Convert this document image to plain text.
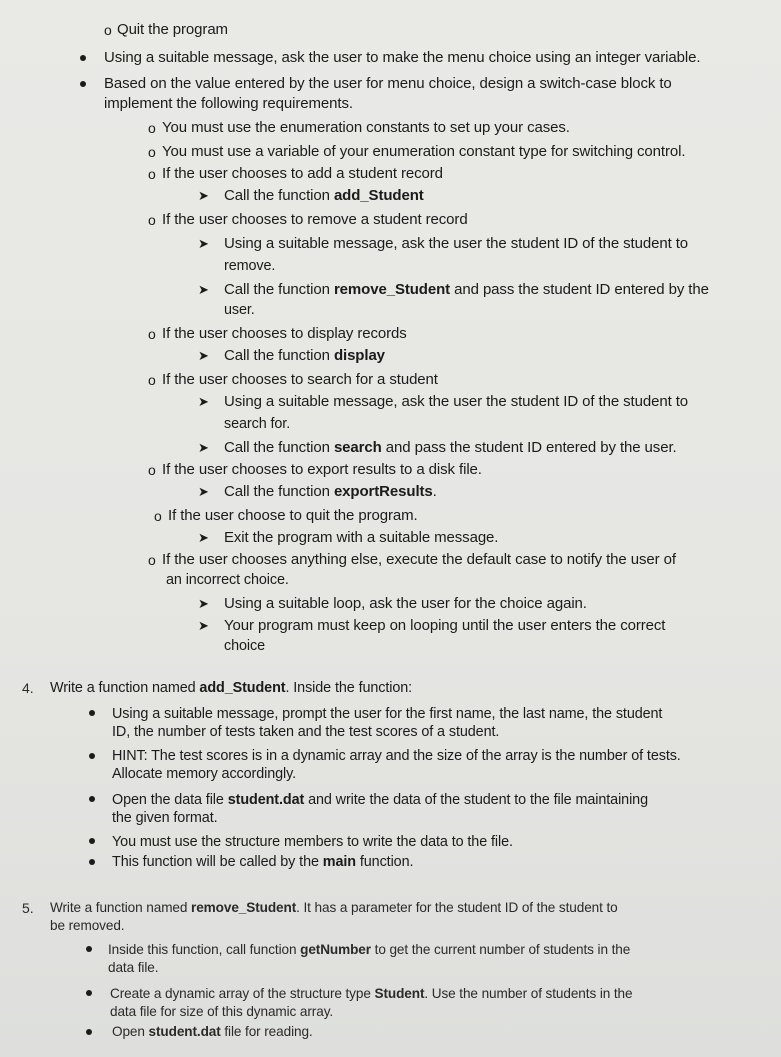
o Quit the program
Using a suitable message, ask the user to make the menu choice using an integer variable.
Based on the value entered by the user for menu choice, design a switch-case block to
implement the following requirements.
o You must use the enumeration constants to set up your cases.
o You must use a variable of your enumeration constant type for switching control.
o If the user chooses to add a student record
➤ Call the function add_Student
o If the user chooses to remove a student record
➤ Using a suitable message, ask the user the student ID of the student to
remove.
➤ Call the function remove_Student and pass the student ID entered by the
user.
o If the user chooses to display records
➤ Call the function display
o If the user chooses to search for a student
➤ Using a suitable message, ask the user the student ID of the student to
search for.
➤ Call the function search and pass the student ID entered by the user.
o If the user chooses to export results to a disk file.
➤ Call the function exportResults.
o If the user choose to quit the program.
➤ Exit the program with a suitable message.
o If the user chooses anything else, execute the default case to notify the user of
an incorrect choice.
➤ Using a suitable loop, ask the user for the choice again.
➤ Your program must keep on looping until the user enters the correct
choice
4. Write a function named add_Student. Inside the function:
Using a suitable message, prompt the user for the first name, the last name, the student
ID, the number of tests taken and the test scores of a student.
HINT: The test scores is in a dynamic array and the size of the array is the number of tests.
Allocate memory accordingly.
Open the data file student.dat and write the data of the student to the file maintaining
the given format.
You must use the structure members to write the data to the file.
This function will be called by the main function.
5. Write a function named remove_Student. It has a parameter for the student ID of the student to
be removed.
Inside this function, call function getNumber to get the current number of students in the
data file.
Create a dynamic array of the structure type Student. Use the number of students in the
data file for size of this dynamic array.
Open student.dat file for reading.
